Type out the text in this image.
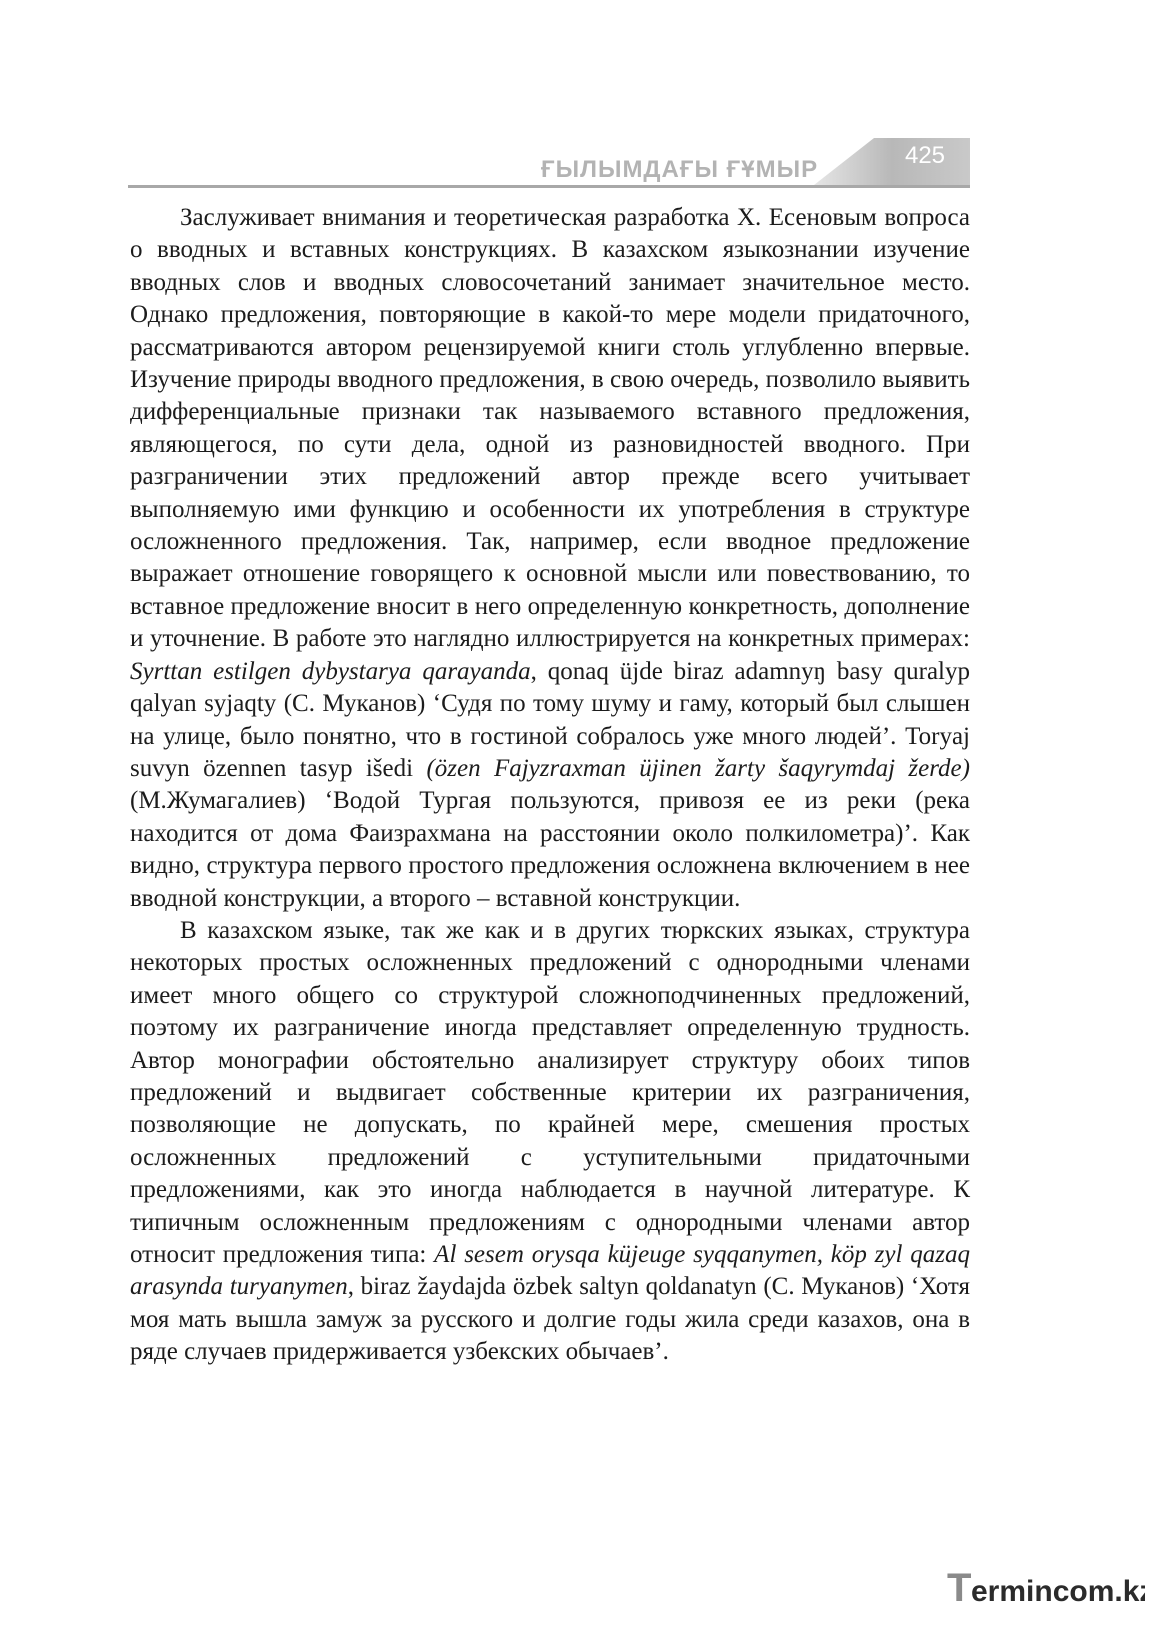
ҒЫЛЫМДАҒЫ ҒҰМЫР
425

Заслуживает внимания и теоретическая разработка Х. Есеновым вопроса о вводных и вставных конструкциях. В казахском языкознании изучение вводных слов и вводных словосочетаний занимает значительное место. Однако предложения, повторяющие в какой-то мере модели придаточного, рассматриваются автором рецензируемой книги столь углубленно впервые. Изучение природы вводного предложения, в свою очередь, позволило выявить дифференциальные признаки так называемого вставного предложения, являющегося, по сути дела, одной из разновидностей вводного. При разграничении этих предложений автор прежде всего учитывает выполняемую ими функцию и особенности их употребления в структуре осложненного предложения. Так, например, если вводное предложение выражает отношение говорящего к основной мысли или повествованию, то вставное предложение вносит в него определенную конкретность, дополнение и уточнение. В работе это наглядно иллюстрируется на конкретных примерах: Syrttan estilgen dybystarya qarayanda, qonaq üjde biraz adamnyŋ basy quralyp qalyan syjaqty (С. Муканов) ‘Судя по тому шуму и гаму, который был слышен на улице, было понятно, что в гостиной собралось уже много людей’. Toryaj suvyn özennen tasyp išedi (özen Fajyzraxman üjinen žarty šaqyrymdaj žerde) (М.Жумагалиев) ‘Водой Тургая пользуются, привозя ее из реки (река находится от дома Фаизрахмана на расстоянии около полкилометра)’. Как видно, структура первого простого предложения осложнена включением в нее вводной конструкции, а второго – вставной конструкции.

В казахском языке, так же как и в других тюркских языках, структура некоторых простых осложненных предложений с однородными членами имеет много общего со структурой сложноподчиненных предложений, поэтому их разграничение иногда представляет определенную трудность. Автор монографии обстоятельно анализирует структуру обоих типов предложений и выдвигает собственные критерии их разграничения, позволяющие не допускать, по крайней мере, смешения простых осложненных предложений с уступительными придаточными предложениями, как это иногда наблюдается в научной литературе. К типичным осложненным предложениям с однородными членами автор относит предложения типа: Al sesem orysqa küjeuge syqqanymen, köp zyl qazaq arasynda turyanymen, biraz žaydajda özbek saltyn qoldanatyn (С. Муканов) ‘Хотя моя мать вышла замуж за русского и долгие годы жила среди казахов, она в ряде случаев придерживается узбекских обычаев’.

T ermincom.kz
